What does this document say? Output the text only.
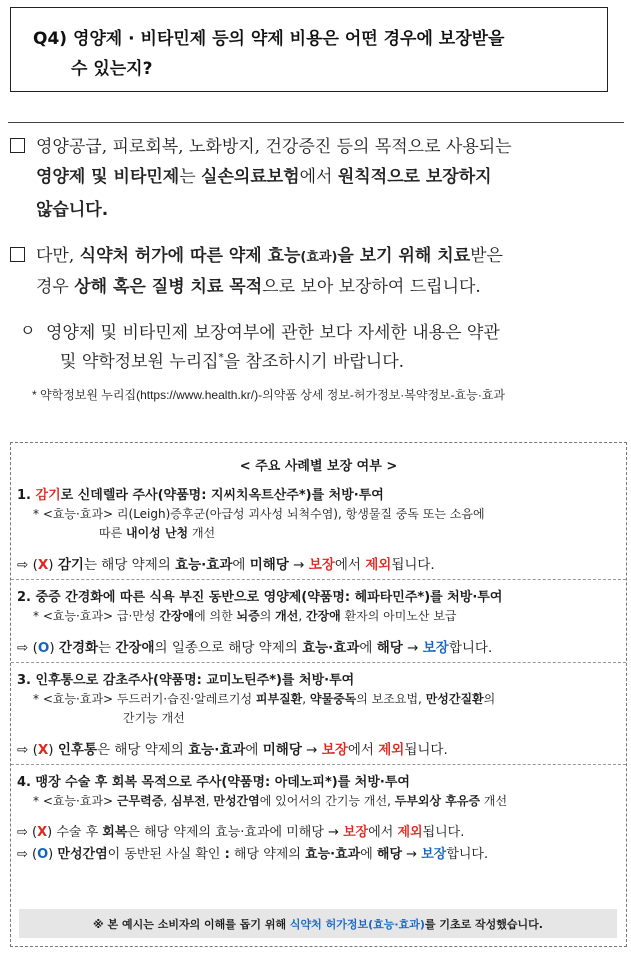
Q4) 영양제 · 비타민제 등의 약제 비용은 어떤 경우에 보장받을
수 있는지?
영양공급, 피로회복, 노화방지, 건강증진 등의 목적으로 사용되는
영양제 및 비타민제는 실손의료보험에서 원칙적으로 보장하지
않습니다.
다만, 식약처 허가에 따른 약제 효능(효과)을 보기 위해 치료받은
경우 상해 혹은 질병 치료 목적으로 보아 보장하여 드립니다.
ㅇ 영양제 및 비타민제 보장여부에 관한 보다 자세한 내용은 약관
및 약학정보원 누리집*을 참조하시기 바랍니다.
* 약학정보원 누리집(https://www.health.kr/)-의약품 상세 정보-허가정보·복약정보-효능·효과
< 주요 사례별 보장 여부 >
1. 감기로 신데렐라 주사(약품명: 지씨치옥트산주*)를 처방·투여
* <효능·효과> 리(Leigh)증후군(아급성 괴사성 뇌척수염), 항생물질 중독 또는 소음에
따른 내이성 난청 개선
⇨ (X) 감기는 해당 약제의 효능·효과에 미해당 → 보장에서 제외됩니다.
2. 중증 간경화에 따른 식욕 부진 동반으로 영양제(약품명: 헤파타민주*)를 처방·투여
* <효능·효과> 급·만성 간장애에 의한 뇌증의 개선, 간장애 환자의 아미노산 보급
⇨ (O) 간경화는 간장애의 일종으로 해당 약제의 효능·효과에 해당 → 보장합니다.
3. 인후통으로 감초주사(약품명: 교미노틴주*)를 처방·투여
* <효능·효과> 두드러기·습진·알레르기성 피부질환, 약물중독의 보조요법, 만성간질환의
간기능 개선
⇨ (X) 인후통은 해당 약제의 효능·효과에 미해당 → 보장에서 제외됩니다.
4. 맹장 수술 후 회복 목적으로 주사(약품명: 아데노피*)를 처방·투여
* <효능·효과> 근무력증, 심부전, 만성간염에 있어서의 간기능 개선, 두부외상 후유증 개선
⇨ (X) 수술 후 회복은 해당 약제의 효능·효과에 미해당 → 보장에서 제외됩니다.
⇨ (O) 만성간염이 동반된 사실 확인 : 해당 약제의 효능·효과에 해당 → 보장합니다.
※ 본 예시는 소비자의 이해를 돕기 위해 식약처 허가정보(효능·효과)를 기초로 작성했습니다.
